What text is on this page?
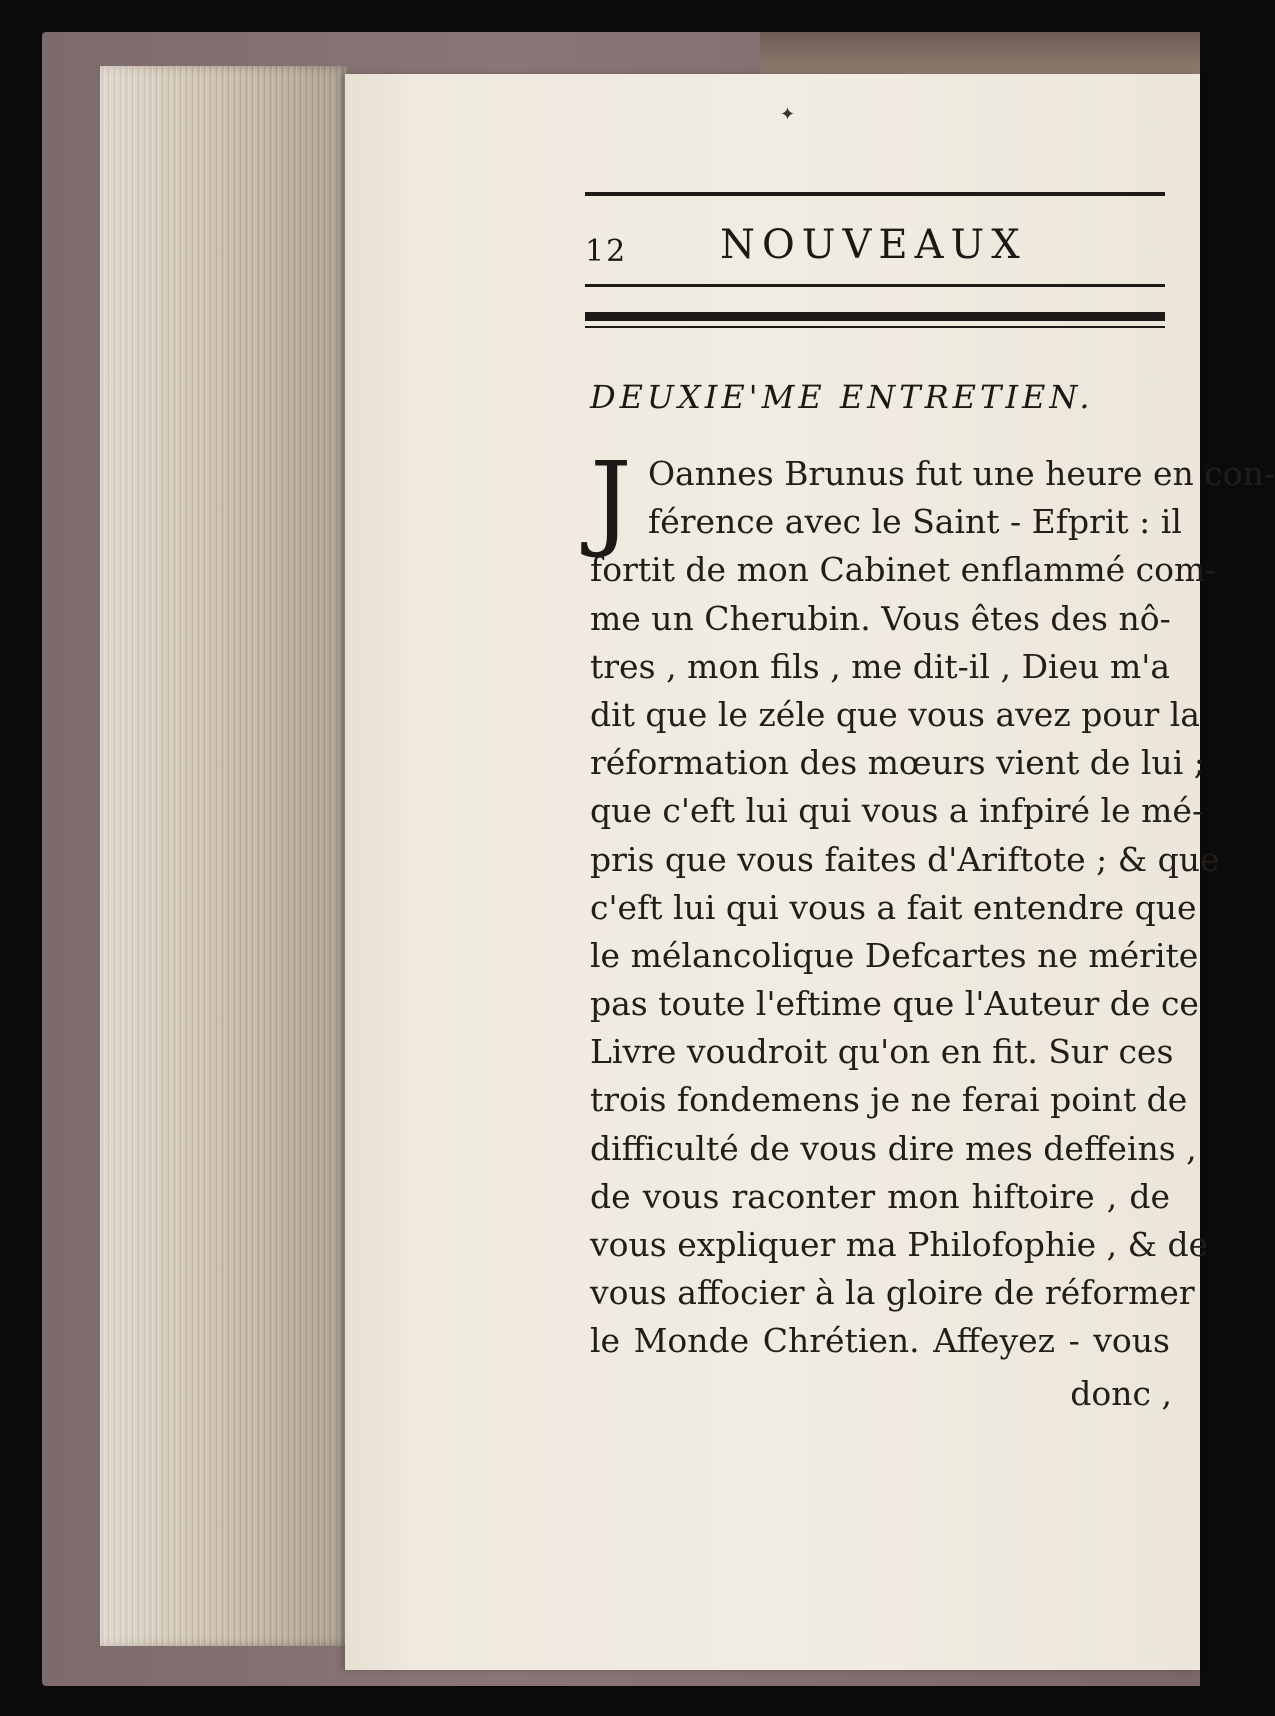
✦
12 NOUVEAUX
DEUXIE'ME ENTRETIEN.
J Oannes Brunus fut une heure en con-
férence avec le Saint - Efprit : il
fortit de mon Cabinet enflammé com-
me un Cherubin. Vous êtes des nô-
tres , mon fils , me dit-il , Dieu m'a
dit que le zéle que vous avez pour la
réformation des mœurs vient de lui ;
que c'eft lui qui vous a infpiré le mé-
pris que vous faites d'Ariftote ; & que
c'eft lui qui vous a fait entendre que
le mélancolique Defcartes ne mérite
pas toute l'eftime que l'Auteur de ce
Livre voudroit qu'on en fit. Sur ces
trois fondemens je ne ferai point de
difficulté de vous dire mes deffeins ,
de vous raconter mon hiftoire , de
vous expliquer ma Philofophie , & de
vous affocier à la gloire de réformer
le Monde Chrétien. Affeyez - vous
donc ,
